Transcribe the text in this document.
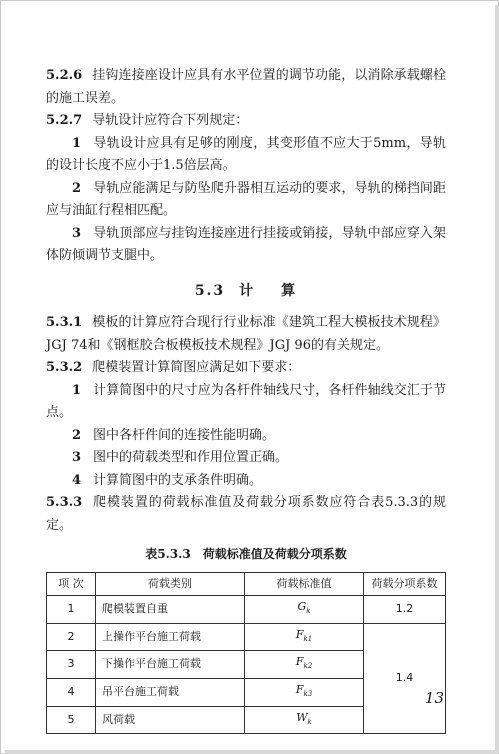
5.2.6 挂钩连接座设计应具有水平位置的调节功能，以消除承载螺栓的施工误差。

5.2.7 导轨设计应符合下列规定：

1 导轨设计应具有足够的刚度，其变形值不应大于5mm，导轨的设计长度不应小于1.5倍层高。

2 导轨应能满足与防坠爬升器相互运动的要求，导轨的梯挡间距应与油缸行程相匹配。

3 导轨顶部应与挂钩连接座进行挂接或销接，导轨中部应穿入架体防倾调节支腿中。

5.3 计 算

5.3.1 模板的计算应符合现行行业标准《建筑工程大模板技术规程》JGJ 74和《钢框胶合板模板技术规程》JGJ 96的有关规定。

5.3.2 爬模装置计算简图应满足如下要求：

1 计算简图中的尺寸应为各杆件轴线尺寸，各杆件轴线交汇于节点。

2 图中各杆件间的连接性能明确。

3 图中的荷载类型和作用位置正确。

4 计算简图中的支承条件明确。

5.3.3 爬模装置的荷载标准值及荷载分项系数应符合表5.3.3的规定。

表5.3.3 荷载标准值及荷载分项系数
项 次	荷载类别	荷载标准值	荷载分项系数
1	爬模装置自重	$G_k$	1.2
2	上操作平台施工荷载	$F_{k1}$	1.4
3	下操作平台施工荷载	$F_{k2}$
4	吊平台施工荷载	$F_{k3}$
5	风荷载	$W_k$
13
